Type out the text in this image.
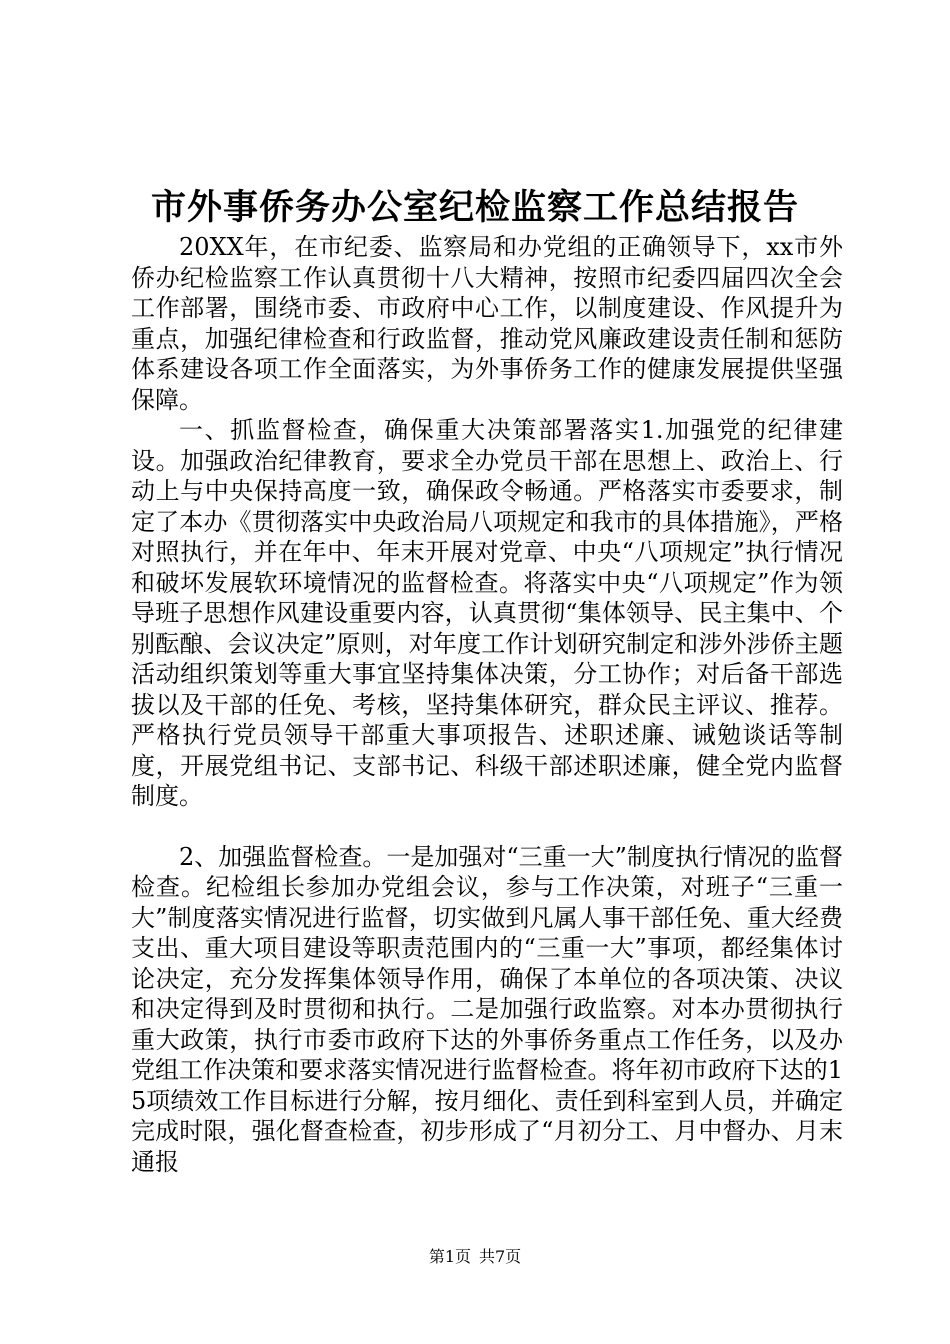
市外事侨务办公室纪检监察工作总结报告

20XX年，在市纪委、监察局和办党组的正确领导下，xx市外侨办纪检监察工作认真贯彻十八大精神，按照市纪委四届四次全会工作部署，围绕市委、市政府中心工作，以制度建设、作风提升为重点，加强纪律检查和行政监督，推动党风廉政建设责任制和惩防体系建设各项工作全面落实，为外事侨务工作的健康发展提供坚强保障。

一、抓监督检查，确保重大决策部署落实1.加强党的纪律建设。加强政治纪律教育，要求全办党员干部在思想上、政治上、行动上与中央保持高度一致，确保政令畅通。严格落实市委要求，制定了本办《贯彻落实中央政治局八项规定和我市的具体措施》，严格对照执行，并在年中、年末开展对党章、中央“八项规定”执行情况和破坏发展软环境情况的监督检查。将落实中央“八项规定”作为领导班子思想作风建设重要内容，认真贯彻“集体领导、民主集中、个别酝酿、会议决定”原则，对年度工作计划研究制定和涉外涉侨主题活动组织策划等重大事宜坚持集体决策，分工协作；对后备干部选拔以及干部的任免、考核，坚持集体研究，群众民主评议、推荐。严格执行党员领导干部重大事项报告、述职述廉、诫勉谈话等制度，开展党组书记、支部书记、科级干部述职述廉，健全党内监督制度。

2、加强监督检查。一是加强对“三重一大”制度执行情况的监督检查。纪检组长参加办党组会议，参与工作决策，对班子“三重一大”制度落实情况进行监督，切实做到凡属人事干部任免、重大经费支出、重大项目建设等职责范围内的“三重一大”事项，都经集体讨论决定，充分发挥集体领导作用，确保了本单位的各项决策、决议和决定得到及时贯彻和执行。二是加强行政监察。对本办贯彻执行重大政策，执行市委市政府下达的外事侨务重点工作任务，以及办党组工作决策和要求落实情况进行监督检查。将年初市政府下达的15项绩效工作目标进行分解，按月细化、责任到科室到人员，并确定完成时限，强化督查检查，初步形成了“月初分工、月中督办、月末通报

第1页 共7页
